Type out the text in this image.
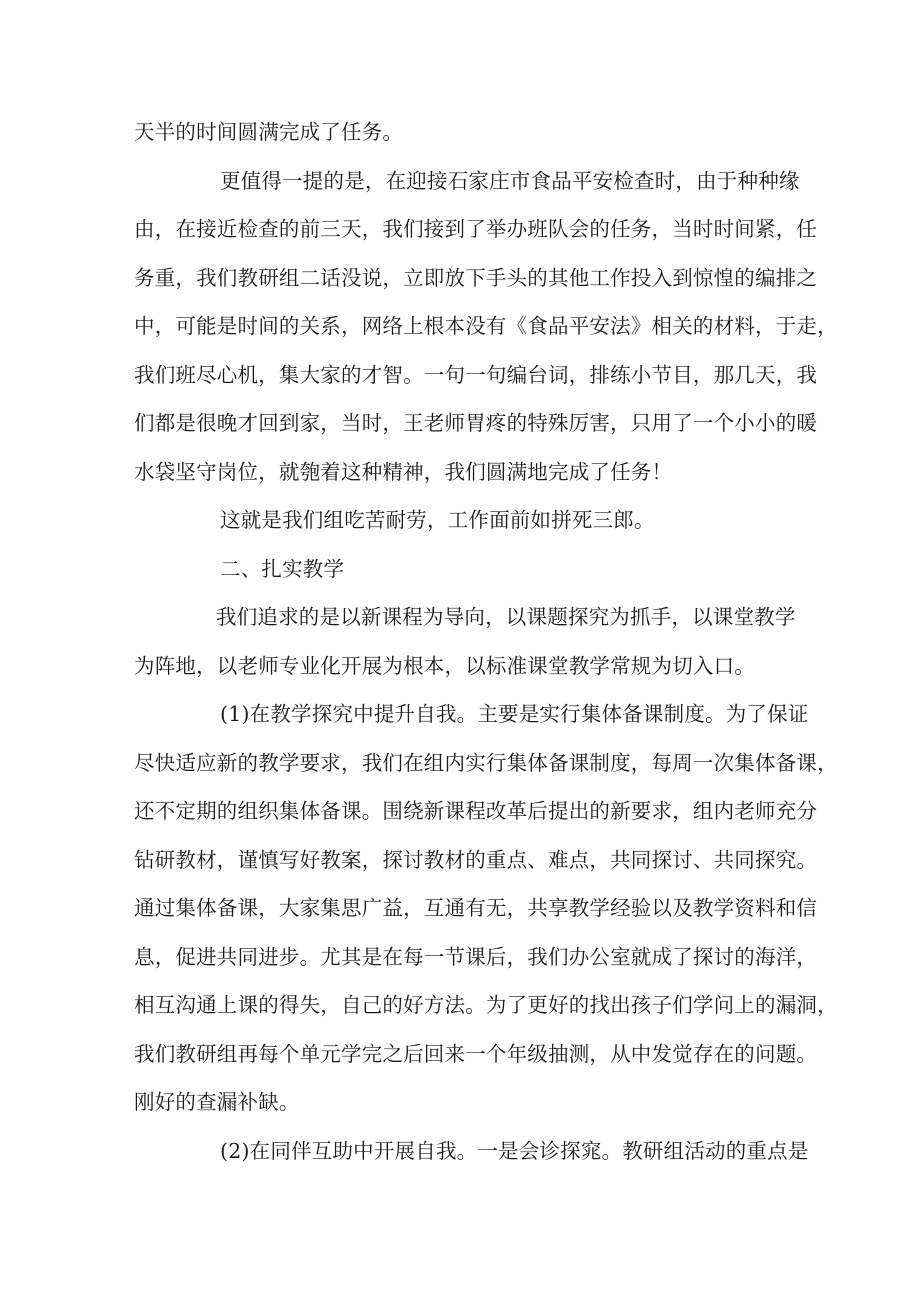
天半的时间圆满完成了任务。
更值得一提的是，在迎接石家庄市食品平安检查时，由于种种缘
由，在接近检查的前三天，我们接到了举办班队会的任务，当时时间紧，任
务重，我们教研组二话没说，立即放下手头的其他工作投入到惊惶的编排之
中，可能是时间的关系，网络上根本没有《食品平安法》相关的材料，于走，
我们班尽心机，集大家的才智。一句一句编台词，排练小节目，那几天，我
们都是很晚才回到家，当时，王老师胃疼的特殊厉害，只用了一个小小的暖
水袋坚守岗位，就匏着这种精神，我们圆满地完成了任务！
这就是我们组吃苦耐劳，工作面前如拼死三郎。
二、扎实教学
我们追求的是以新课程为导向，以课题探究为抓手，以课堂教学
为阵地，以老师专业化开展为根本，以标准课堂教学常规为切入口。
(1)在教学探究中提升自我。主要是实行集体备课制度。为了保证
尽快适应新的教学要求，我们在组内实行集体备课制度，每周一次集体备课，
还不定期的组织集体备课。围绕新课程改革后提出的新要求，组内老师充分
钻研教材，谨慎写好教案，探讨教材的重点、难点，共同探讨、共同探究。
通过集体备课，大家集思广益，互通有无，共享教学经验以及教学资料和信
息，促进共同进步。尤其是在每一节课后，我们办公室就成了探讨的海洋，
相互沟通上课的得失，自己的好方法。为了更好的找出孩子们学问上的漏洞，
我们教研组再每个单元学完之后回来一个年级抽测，从中发觉存在的问题。
刚好的查漏补缺。
(2)在同伴互助中开展自我。一是会诊探窕。教研组活动的重点是
